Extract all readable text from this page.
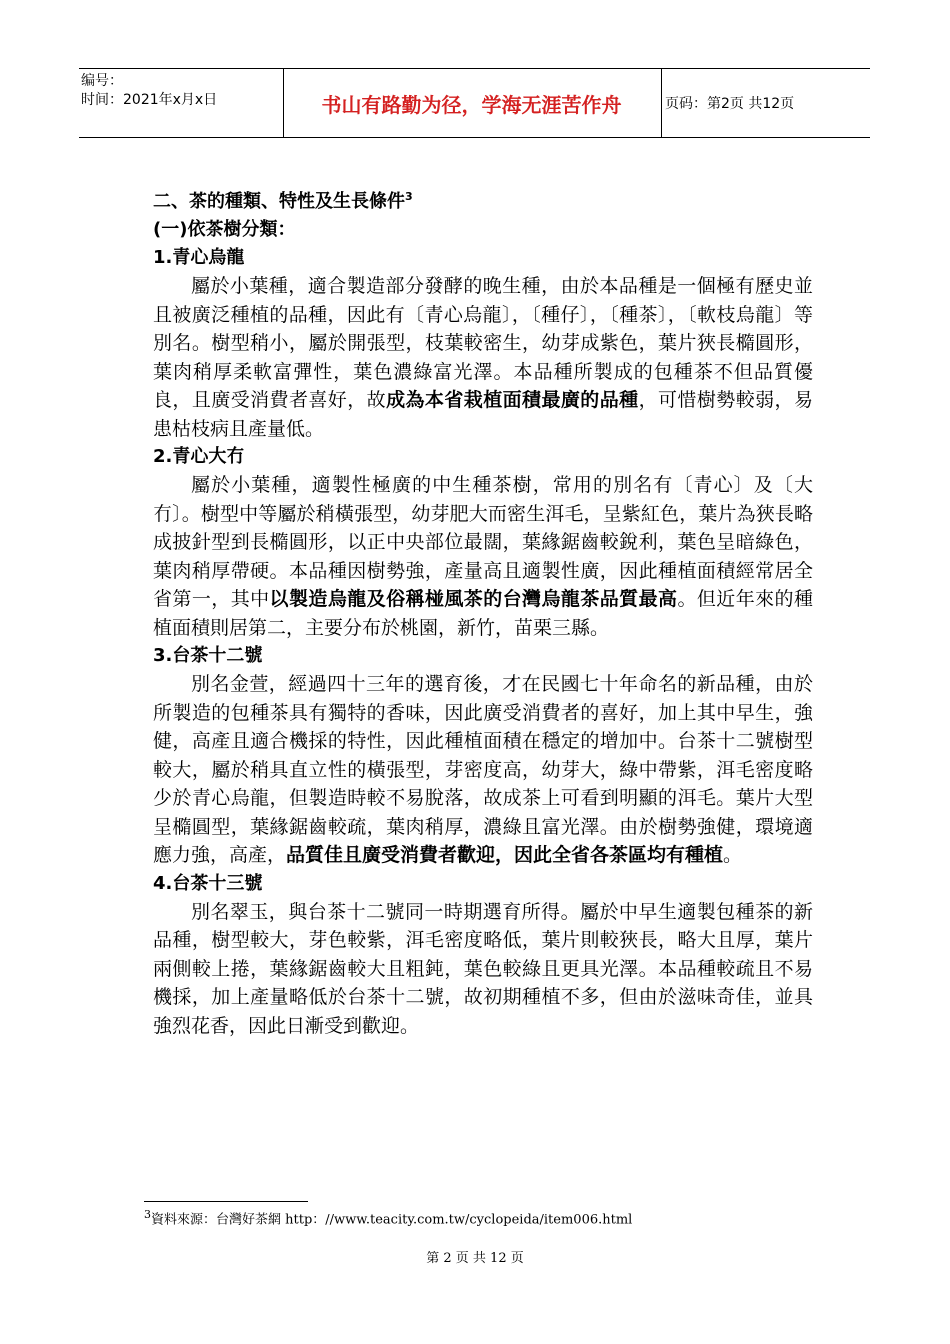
编号：
时间：2021年x月x日	书山有路勤为径，学海无涯苦作舟	页码：第2页 共12页

二、茶的種類、特性及生長條件$^3$

(一)依茶樹分類：

1.青心烏龍

屬於小葉種，適合製造部分發酵的晚生種，由於本品種是一個極有歷史並且被廣泛種植的品種，因此有〔青心烏龍〕，〔種仔〕，〔種茶〕，〔軟枝烏龍〕等別名。樹型稍小，屬於開張型，枝葉較密生，幼芽成紫色，葉片狹長橢圓形，葉肉稍厚柔軟富彈性，葉色濃綠富光澤。本品種所製成的包種茶不但品質優良，且廣受消費者喜好，故成為本省栽植面積最廣的品種，可惜樹勢較弱，易患枯枝病且產量低。

2.青心大冇

屬於小葉種，適製性極廣的中生種茶樹，常用的別名有〔青心〕及〔大冇〕。樹型中等屬於稍橫張型，幼芽肥大而密生洱毛，呈紫紅色，葉片為狹長略成披針型到長橢圓形，以正中央部位最闊，葉緣鋸齒較銳利，葉色呈暗綠色，葉肉稍厚帶硬。本品種因樹勢強，產量高且適製性廣，因此種植面積經常居全省第一，其中以製造烏龍及俗稱椪風茶的台灣烏龍茶品質最高。但近年來的種植面積則居第二，主要分布於桃園，新竹，苗栗三縣。

3.台茶十二號

別名金萱，經過四十三年的選育後，才在民國七十年命名的新品種，由於所製造的包種茶具有獨特的香味，因此廣受消費者的喜好，加上其中早生，強健，高產且適合機採的特性，因此種植面積在穩定的增加中。台茶十二號樹型較大，屬於稍具直立性的橫張型，芽密度高，幼芽大，綠中帶紫，洱毛密度略少於青心烏龍，但製造時較不易脫落，故成茶上可看到明顯的洱毛。葉片大型呈橢圓型，葉緣鋸齒較疏，葉肉稍厚，濃綠且富光澤。由於樹勢強健，環境適應力強，高產，品質佳且廣受消費者歡迎，因此全省各茶區均有種植。

4.台茶十三號

別名翠玉，與台茶十二號同一時期選育所得。屬於中早生適製包種茶的新品種，樹型較大，芽色較紫，洱毛密度略低，葉片則較狹長，略大且厚，葉片兩側較上捲，葉緣鋸齒較大且粗鈍，葉色較綠且更具光澤。本品種較疏且不易機採，加上產量略低於台茶十二號，故初期種植不多，但由於滋味奇佳，並具強烈花香，因此日漸受到歡迎。

$^3$資料來源：台灣好茶網 http：//www.teacity.com.tw/cyclopeida/item006.html
第 2 页 共 12 页
